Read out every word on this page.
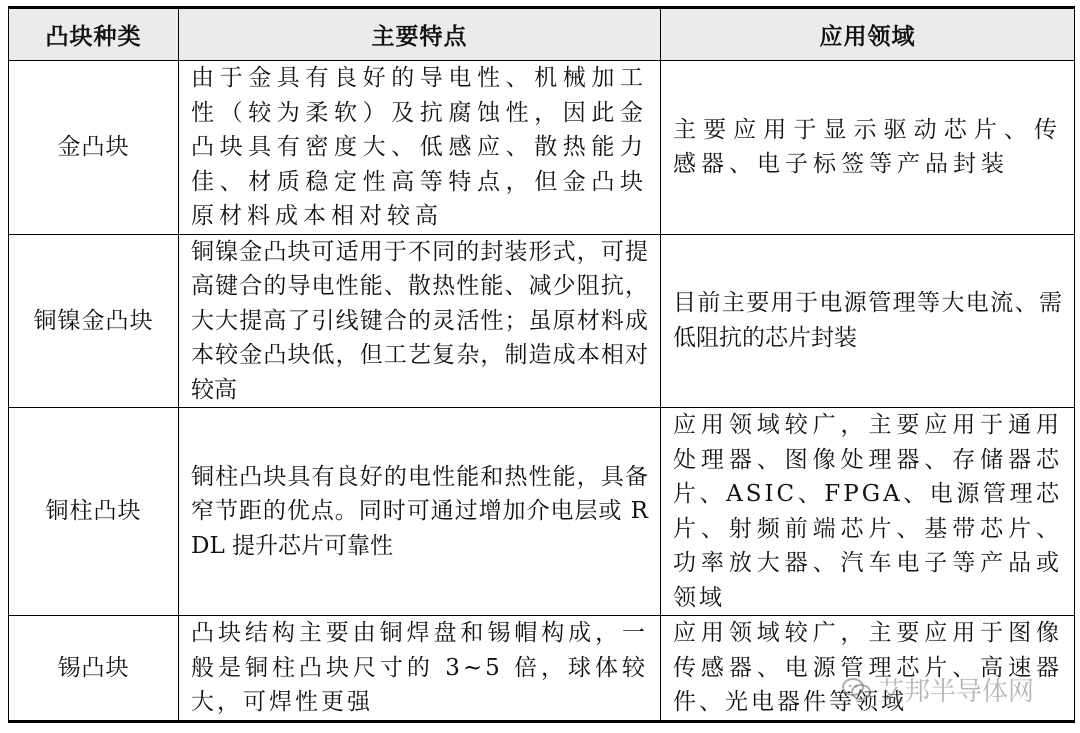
凸块种类	主要特点	应用领域
金凸块	由于金具有良好的导电性、机械加工性（较为柔软）及抗腐蚀性，因此金凸块具有密度大、低感应、散热能力佳、材质稳定性高等特点，但金凸块原材料成本相对较高	主要应用于显示驱动芯片、传感器、电子标签等产品封装
铜镍金凸块	铜镍金凸块可适用于不同的封装形式，可提高键合的导电性能、散热性能、减少阻抗，大大提高了引线键合的灵活性；虽原材料成本较金凸块低，但工艺复杂，制造成本相对较高	目前主要用于电源管理等大电流、需低阻抗的芯片封装
铜柱凸块	铜柱凸块具有良好的电性能和热性能，具备窄节距的优点。同时可通过增加介电层或 RDL 提升芯片可靠性	应用领域较广，主要应用于通用处理器、图像处理器、存储器芯片、ASIC、FPGA、电源管理芯片、射频前端芯片、基带芯片、功率放大器、汽车电子等产品或领域
锡凸块	凸块结构主要由铜焊盘和锡帽构成，一般是铜柱凸块尺寸的 3~5 倍，球体较大，可焊性更强	应用领域较广，主要应用于图像传感器、电源管理芯片、高速器件、光电器件等领域
艾邦半导体网
